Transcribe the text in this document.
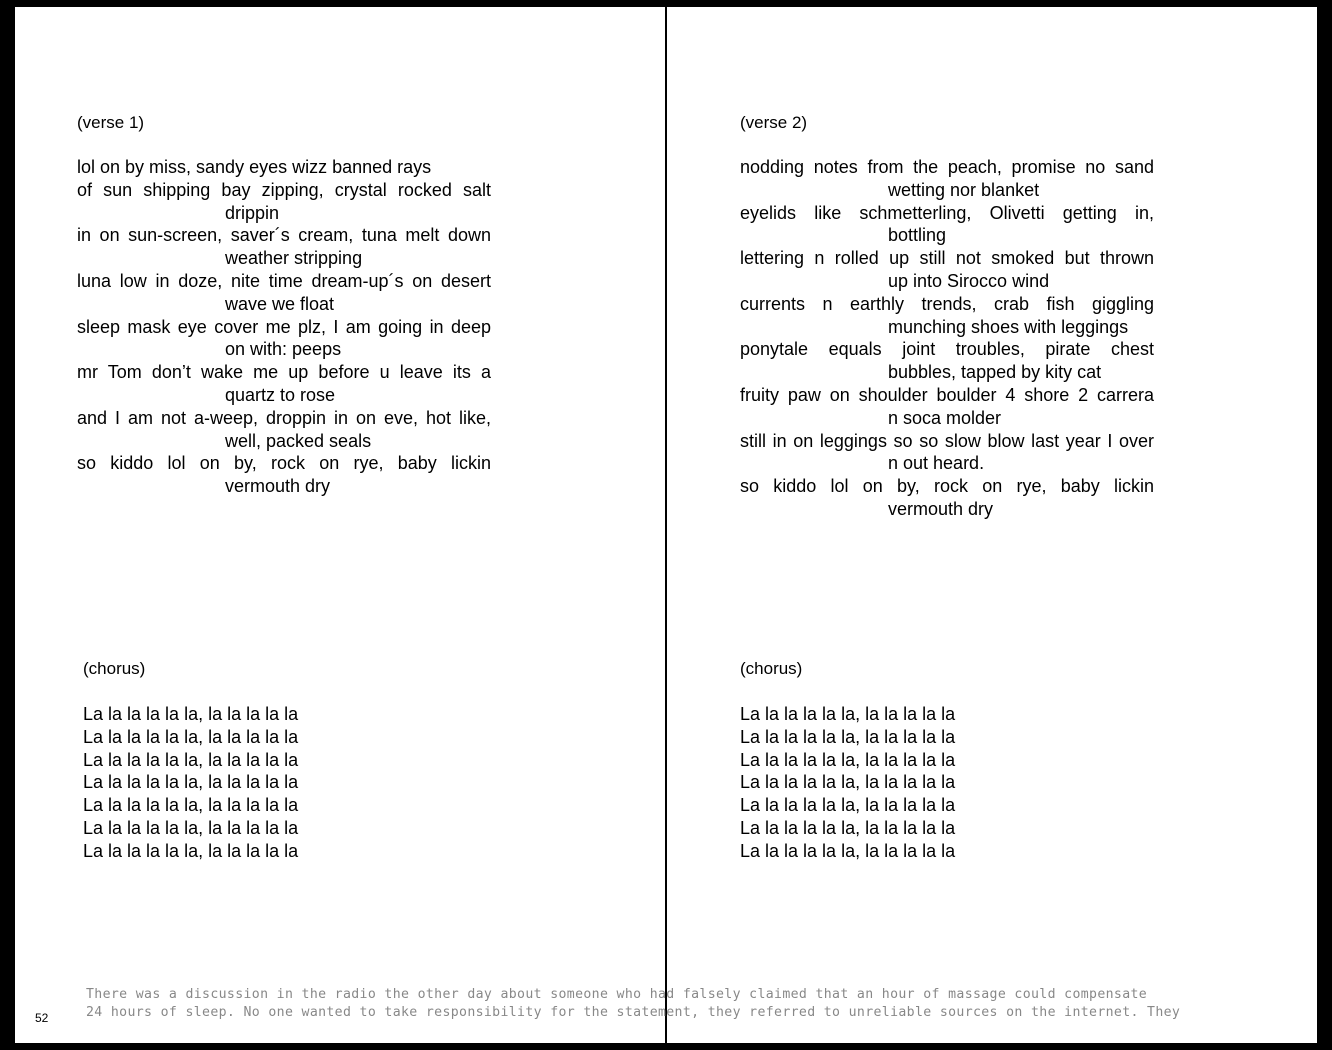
(verse 1)
lol on by miss, sandy eyes wizz banned rays
of sun shipping bay zipping, crystal rocked salt
drippin
in on sun-screen, saver´s cream, tuna melt down
weather stripping
luna low in doze, nite time dream-up´s on desert
wave we float
sleep mask eye cover me plz, I am going in deep
on with: peeps
mr Tom don’t wake me up before u leave its a
quartz to rose
and I am not a-weep, droppin in on eve, hot like,
well, packed seals
so kiddo lol on by, rock on rye, baby lickin
vermouth dry
(chorus)
La la la la la la, la la la la la
La la la la la la, la la la la la
La la la la la la, la la la la la
La la la la la la, la la la la la
La la la la la la, la la la la la
La la la la la la, la la la la la
La la la la la la, la la la la la
52
(verse 2)
nodding notes from the peach, promise no sand
wetting nor blanket
eyelids like schmetterling, Olivetti getting in,
bottling
lettering n rolled up still not smoked but thrown
up into Sirocco wind
currents n earthly trends, crab fish giggling
munching shoes with leggings
ponytale equals joint troubles, pirate chest
bubbles, tapped by kity cat
fruity paw on shoulder boulder 4 shore 2 carrera
n soca molder
still in on leggings so so slow blow last year I over
n out heard.
so kiddo lol on by, rock on rye, baby lickin
vermouth dry
(chorus)
La la la la la la, la la la la la
La la la la la la, la la la la la
La la la la la la, la la la la la
La la la la la la, la la la la la
La la la la la la, la la la la la
La la la la la la, la la la la la
La la la la la la, la la la la la
There was a discussion in the radio the other day about someone who had falsely claimed that an hour of massage could compensate
24 hours of sleep. No one wanted to take responsibility for the statement, they referred to unreliable sources on the internet. They
